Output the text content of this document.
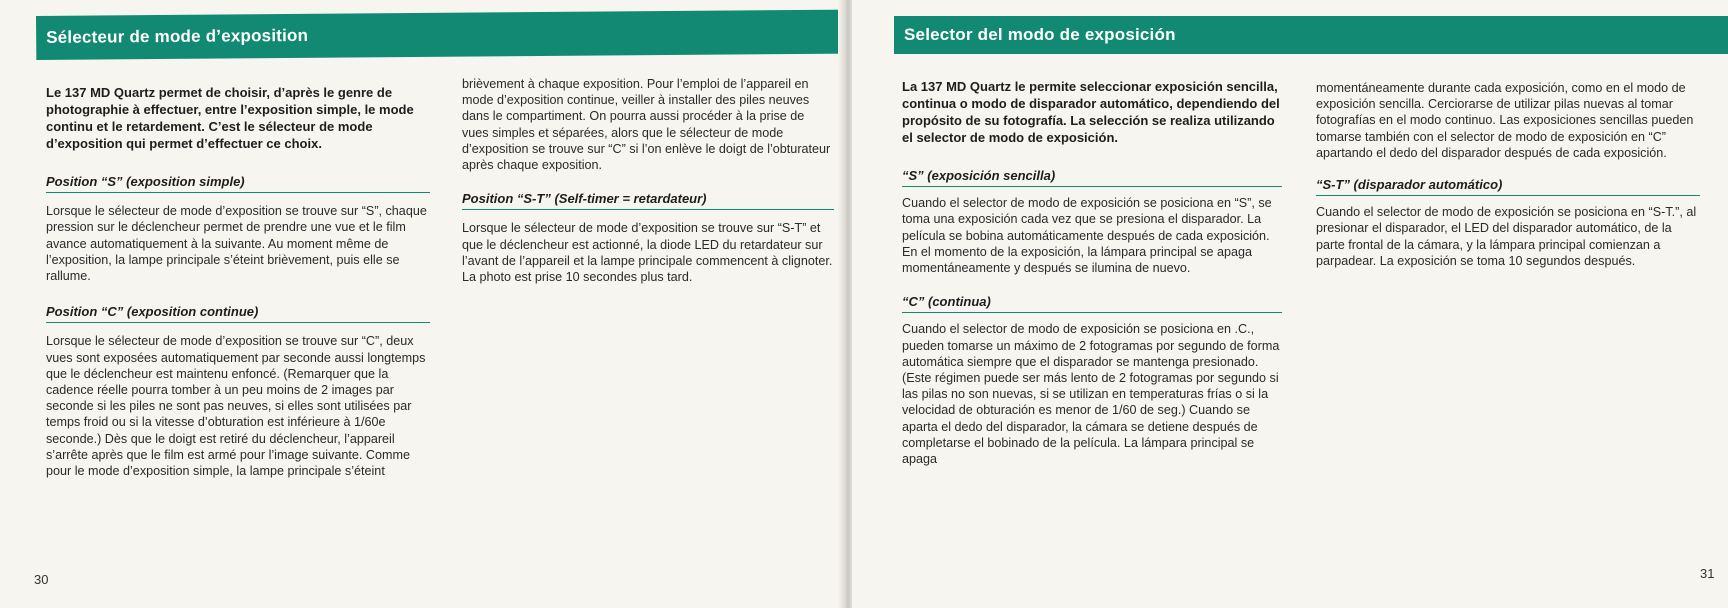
Sélecteur de mode d’exposition

Le 137 MD Quartz permet de choisir, d’après le genre de photographie à effectuer, entre l’exposition simple, le mode continu et le retardement. C’est le sélecteur de mode d’exposition qui permet d’effectuer ce choix.

Position “S” (exposition simple)

Lorsque le sélecteur de mode d’exposition se trouve sur “S”, chaque pression sur le déclencheur permet de prendre une vue et le film avance automatiquement à la suivante. Au moment même de l’exposition, la lampe principale s’éteint brièvement, puis elle se rallume.

Position “C” (exposition continue)

Lorsque le sélecteur de mode d’exposition se trouve sur “C”, deux vues sont exposées automatiquement par seconde aussi longtemps que le déclencheur est maintenu enfoncé. (Remarquer que la cadence réelle pourra tomber à un peu moins de 2 images par seconde si les piles ne sont pas neuves, si elles sont utilisées par temps froid ou si la vitesse d’obturation est inférieure à 1/60e seconde.) Dès que le doigt est retiré du déclencheur, l’appareil s’arrête après que le film est armé pour l’image suivante. Comme pour le mode d’exposition simple, la lampe principale s’éteint

brièvement à chaque exposition. Pour l’emploi de l’appareil en mode d’exposition continue, veiller à installer des piles neuves dans le compartiment. On pourra aussi procéder à la prise de vues simples et séparées, alors que le sélecteur de mode d’exposition se trouve sur “C” si l’on enlève le doigt de l’obturateur après chaque exposition.

Position “S-T” (Self-timer = retardateur)

Lorsque le sélecteur de mode d’exposition se trouve sur “S-T” et que le déclencheur est actionné, la diode LED du retardateur sur l’avant de l’appareil et la lampe principale commencent à clignoter. La photo est prise 10 secondes plus tard.

30
Selector del modo de exposición

La 137 MD Quartz le permite seleccionar exposición sencilla, continua o modo de disparador automático, dependiendo del propósito de su fotografía. La selección se realiza utilizando el selector de modo de exposición.

“S” (exposición sencilla)

Cuando el selector de modo de exposición se posiciona en “S”, se toma una exposición cada vez que se presiona el disparador. La película se bobina automáticamente después de cada exposición. En el momento de la exposición, la lámpara principal se apaga momentáneamente y después se ilumina de nuevo.

“C” (continua)

Cuando el selector de modo de exposición se posiciona en .C., pueden tomarse un máximo de 2 fotogramas por segundo de forma automática siempre que el disparador se mantenga presionado. (Este régimen puede ser más lento de 2 fotogramas por segundo si las pilas no son nuevas, si se utilizan en temperaturas frías o si la velocidad de obturación es menor de 1/60 de seg.) Cuando se aparta el dedo del disparador, la cámara se detiene después de completarse el bobinado de la película. La lámpara principal se apaga

momentáneamente durante cada exposición, como en el modo de exposición sencilla. Cerciorarse de utilizar pilas nuevas al tomar fotografías en el modo continuo. Las exposiciones sencillas pueden tomarse también con el selector de modo de exposición en “C” apartando el dedo del disparador después de cada exposición.

“S-T” (disparador automático)

Cuando el selector de modo de exposición se posiciona en “S-T.”, al presionar el disparador, el LED del disparador automático, de la parte frontal de la cámara, y la lámpara principal comienzan a parpadear. La exposición se toma 10 segundos después.

31
